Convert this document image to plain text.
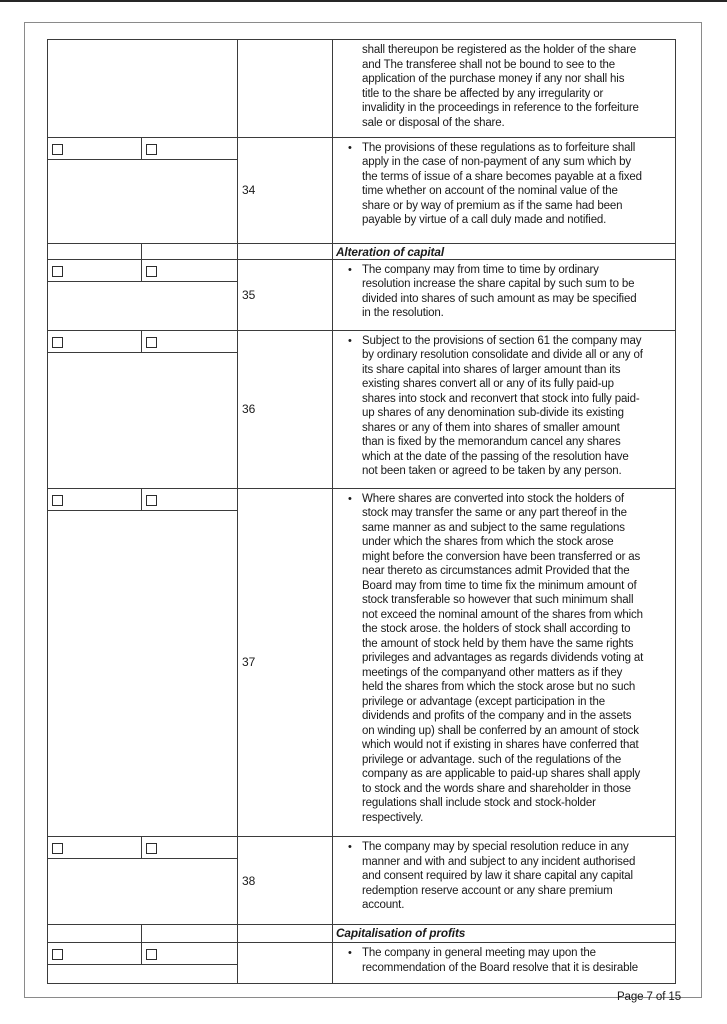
shall thereupon be registered as the holder of the share
and The transferee shall not be bound to see to the
application of the purchase money if any nor shall his
title to the share be affected by any irregularity or
invalidity in the proceedings in reference to the forfeiture
sale or disposal of the share.
34
• The provisions of these regulations as to forfeiture shall
apply in the case of non-payment of any sum which by
the terms of issue of a share becomes payable at a fixed
time whether on account of the nominal value of the
share or by way of premium as if the same had been
payable by virtue of a call duly made and notified.
Alteration of capital
35
• The company may from time to time by ordinary
resolution increase the share capital by such sum to be
divided into shares of such amount as may be specified
in the resolution.
36
• Subject to the provisions of section 61 the company may
by ordinary resolution consolidate and divide all or any of
its share capital into shares of larger amount than its
existing shares convert all or any of its fully paid-up
shares into stock and reconvert that stock into fully paid-
up shares of any denomination sub-divide its existing
shares or any of them into shares of smaller amount
than is fixed by the memorandum cancel any shares
which at the date of the passing of the resolution have
not been taken or agreed to be taken by any person.
37
• Where shares are converted into stock the holders of
stock may transfer the same or any part thereof in the
same manner as and subject to the same regulations
under which the shares from which the stock arose
might before the conversion have been transferred or as
near thereto as circumstances admit Provided that the
Board may from time to time fix the minimum amount of
stock transferable so however that such minimum shall
not exceed the nominal amount of the shares from which
the stock arose. the holders of stock shall according to
the amount of stock held by them have the same rights
privileges and advantages as regards dividends voting at
meetings of the companyand other matters as if they
held the shares from which the stock arose but no such
privilege or advantage (except participation in the
dividends and profits of the company and in the assets
on winding up) shall be conferred by an amount of stock
which would not if existing in shares have conferred that
privilege or advantage. such of the regulations of the
company as are applicable to paid-up shares shall apply
to stock and the words share and shareholder in those
regulations shall include stock and stock-holder
respectively.
38
• The company may by special resolution reduce in any
manner and with and subject to any incident authorised
and consent required by law it share capital any capital
redemption reserve account or any share premium
account.
Capitalisation of profits
• The company in general meeting may upon the
recommendation of the Board resolve that it is desirable
Page 7 of 15
